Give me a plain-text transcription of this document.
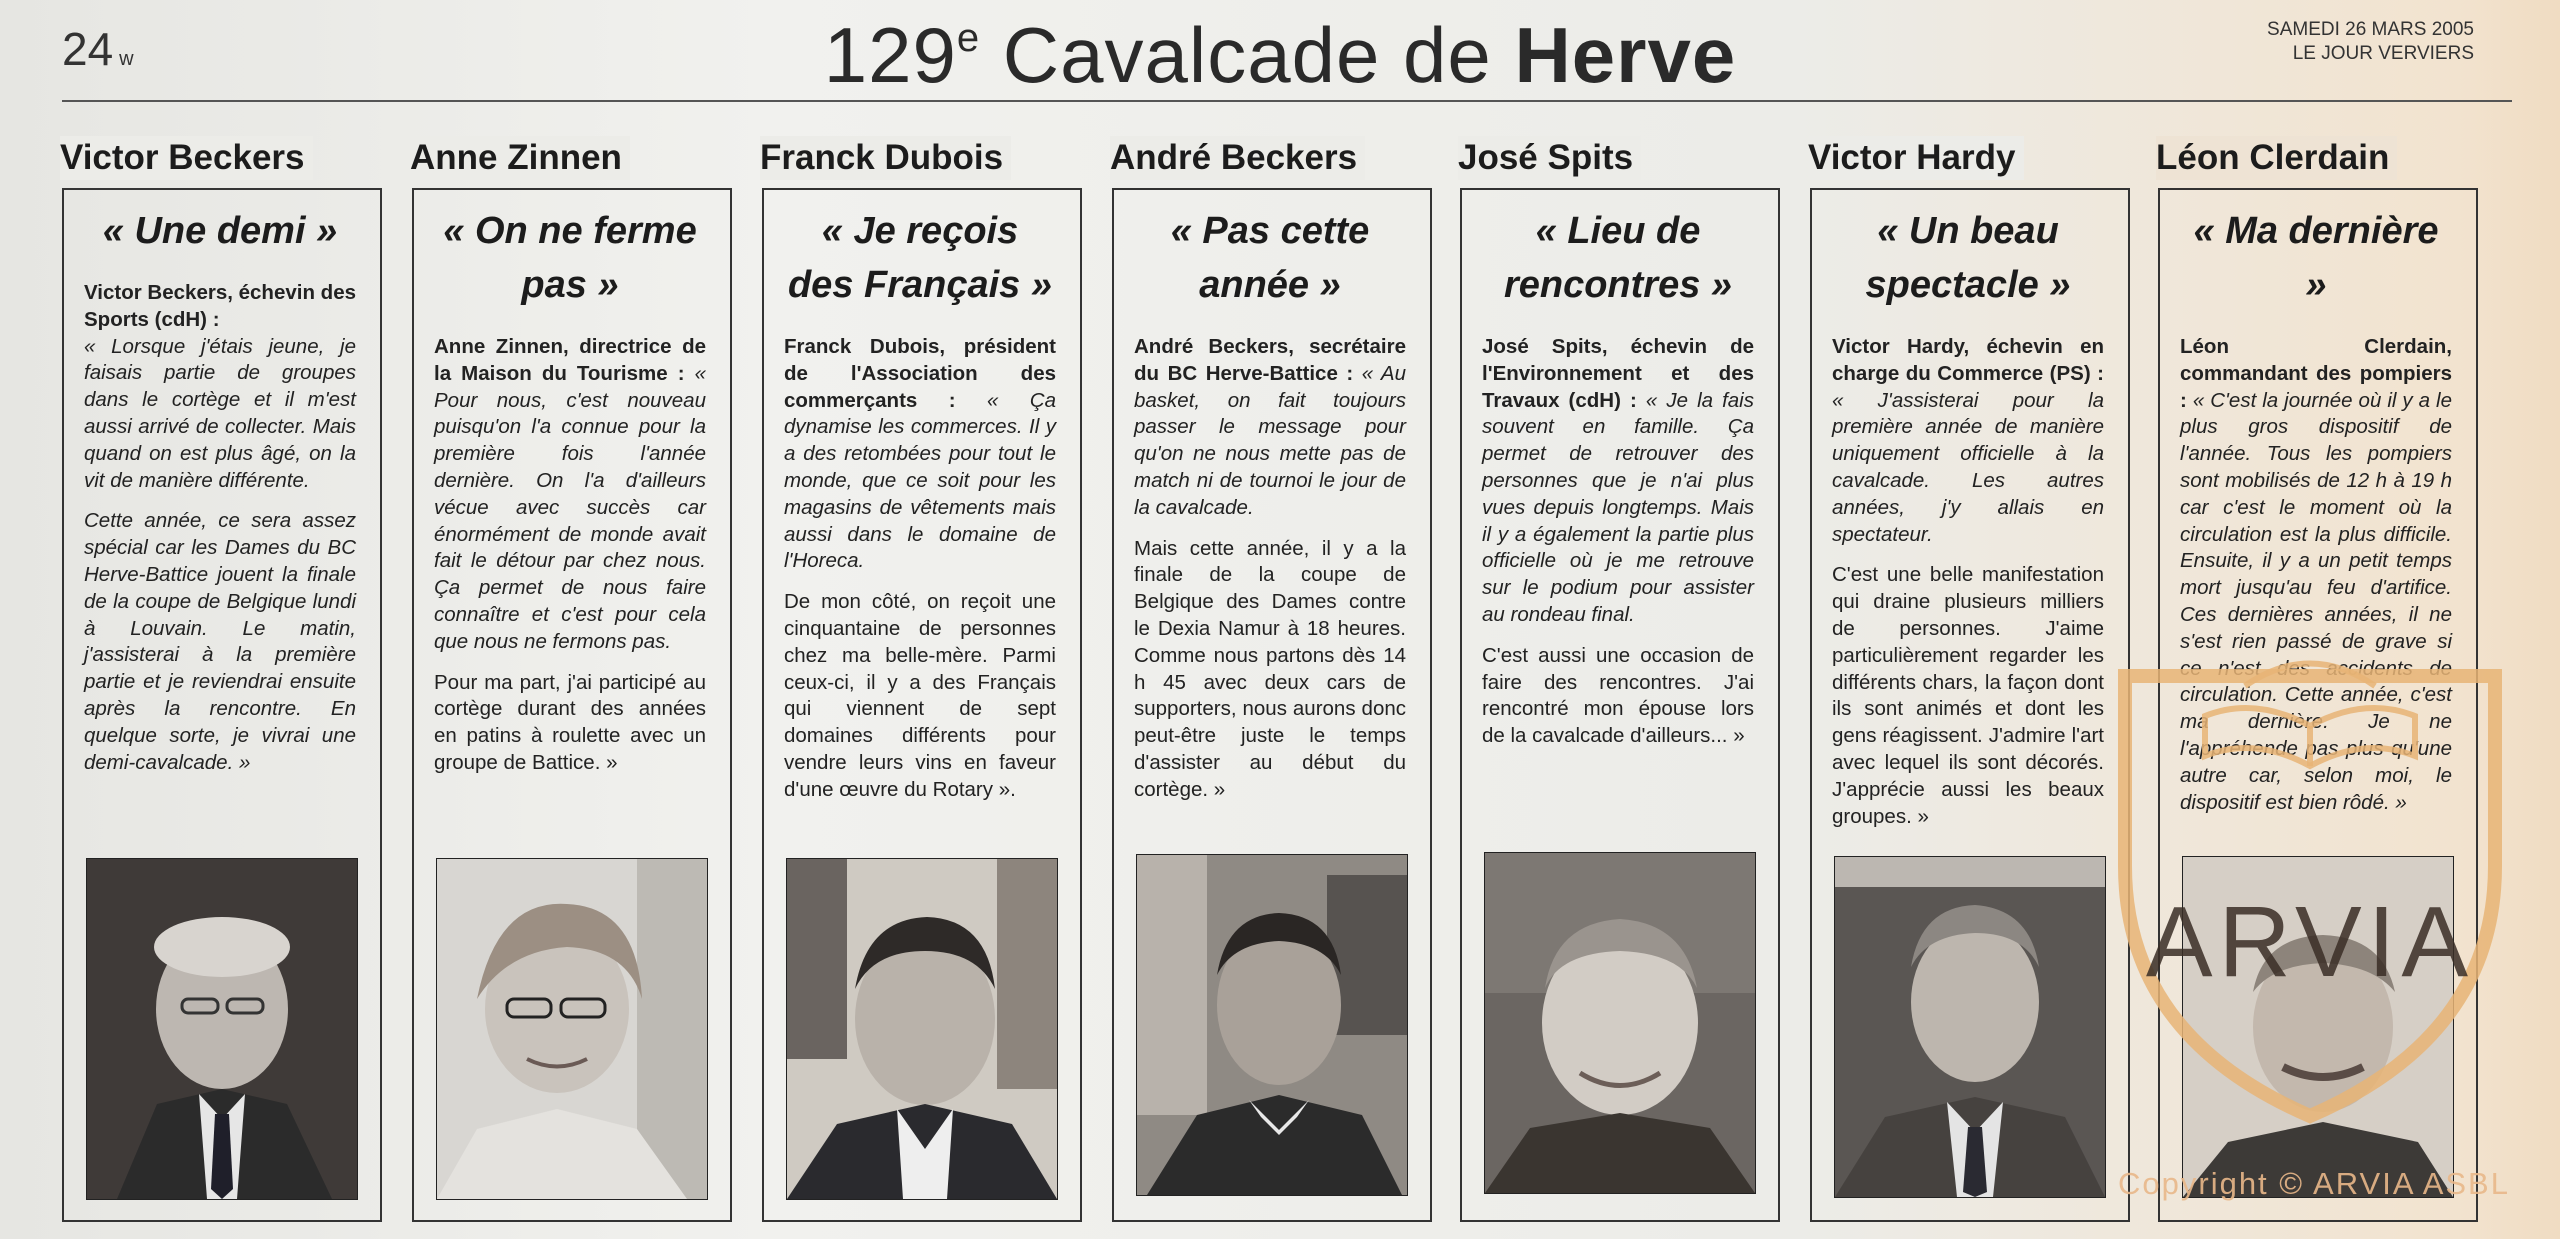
24 w	129e Cavalcade de Herve	SAMEDI 26 MARS 2005
LE JOUR VERVIERS
Victor Beckers
« Une demi »

Victor Beckers, échevin des Sports (cdH) :
« Lorsque j'étais jeune, je faisais partie de groupes dans le cortège et il m'est aussi arrivé de collecter. Mais quand on est plus âgé, on la vit de manière différente.

Cette année, ce sera assez spécial car les Dames du BC Herve-Battice jouent la finale de la coupe de Belgique lundi à Louvain. Le matin, j'assisterai à la première partie et je reviendrai ensuite après la rencontre. En quelque sorte, je vivrai une demi-cavalcade. »

Anne Zinnen
« On ne ferme pas »

Anne Zinnen, directrice de la Maison du Tourisme : « Pour nous, c'est nouveau puisqu'on l'a connue pour la première fois l'année dernière. On l'a d'ailleurs vécue avec succès car énormément de monde avait fait le détour par chez nous. Ça permet de nous faire connaître et c'est pour cela que nous ne fermons pas.

Pour ma part, j'ai participé au cortège durant des années en patins à roulette avec un groupe de Battice. »

Franck Dubois
« Je reçois des Français »

Franck Dubois, président de l'Association des commerçants : « Ça dynamise les commerces. Il y a des retombées pour tout le monde, que ce soit pour les magasins de vêtements mais aussi dans le domaine de l'Horeca.

De mon côté, on reçoit une cinquantaine de personnes chez ma belle-mère. Parmi ceux-ci, il y a des Français qui viennent de sept domaines différents pour vendre leurs vins en faveur d'une œuvre du Rotary ».

André Beckers
« Pas cette année »

André Beckers, secrétaire du BC Herve-Battice : « Au basket, on fait toujours passer le message pour qu'on ne nous mette pas de match ni de tournoi le jour de la cavalcade.

Mais cette année, il y a la finale de la coupe de Belgique des Dames contre le Dexia Namur à 18 heures. Comme nous partons dès 14 h 45 avec deux cars de supporters, nous aurons donc peut-être juste le temps d'assister au début du cortège. »

José Spits
« Lieu de rencontres »

José Spits, échevin de l'Environnement et des Travaux (cdH) : « Je la fais souvent en famille. Ça permet de retrouver des personnes que je n'ai plus vues depuis longtemps. Mais il y a également la partie plus officielle où je me retrouve sur le podium pour assister au rondeau final.

C'est aussi une occasion de faire des rencontres. J'ai rencontré mon épouse lors de la cavalcade d'ailleurs... »

Victor Hardy
« Un beau spectacle »

Victor Hardy, échevin en charge du Commerce (PS) : « J'assisterai pour la première année de manière uniquement officielle à la cavalcade. Les autres années, j'y allais en spectateur.

C'est une belle manifestation qui draine plusieurs milliers de personnes. J'aime particulièrement regarder les différents chars, la façon dont ils sont animés et dont les gens réagissent. J'admire l'art avec lequel ils sont décorés. J'apprécie aussi les beaux groupes. »

Léon Clerdain
« Ma dernière »

Léon Clerdain, commandant des pompiers : « C'est la journée où il y a le plus gros dispositif de l'année. Tous les pompiers sont mobilisés de 12 h à 19 h car c'est le moment où la circulation est la plus difficile. Ensuite, il y a un petit temps mort jusqu'au feu d'artifice. Ces dernières années, il ne s'est rien passé de grave si ce n'est des accidents de circulation. Cette année, c'est ma dernière. Je ne l'appréhende pas plus qu'une autre car, selon moi, le dispositif est bien rôdé. »

ARVIA
Copyright © ARVIA ASBL
